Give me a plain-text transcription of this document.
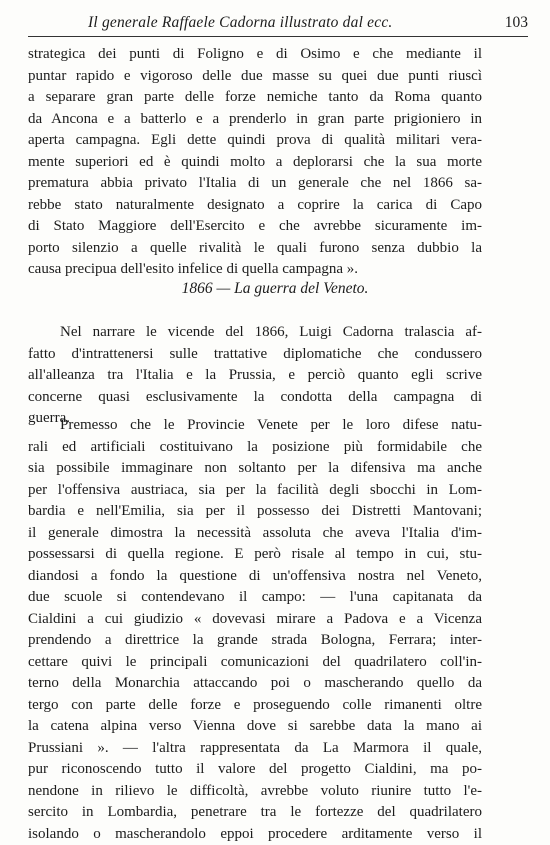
Il generale Raffaele Cadorna illustrato dal ecc.	103
strategica dei punti di Foligno e di Osimo e che mediante il
puntar rapido e vigoroso delle due masse su quei due punti riuscì
a separare gran parte delle forze nemiche tanto da Roma quanto
da Ancona e a batterlo e a prenderlo in gran parte prigioniero in
aperta campagna. Egli dette quindi prova di qualità militari vera-
mente superiori ed è quindi molto a deplorarsi che la sua morte
prematura abbia privato l'Italia di un generale che nel 1866 sa-
rebbe stato naturalmente designato a coprire la carica di Capo
di Stato Maggiore dell'Esercito e che avrebbe sicuramente im-
porto silenzio a quelle rivalità le quali furono senza dubbio la
causa precipua dell'esito infelice di quella campagna ».
1866 — La guerra del Veneto.
Nel narrare le vicende del 1866, Luigi Cadorna tralascia af-
fatto d'intrattenersi sulle trattative diplomatiche che condussero
all'alleanza tra l'Italia e la Prussia, e perciò quanto egli scrive
concerne quasi esclusivamente la condotta della campagna di
guerra.
Premesso che le Provincie Venete per le loro difese natu-
rali ed artificiali costituivano la posizione più formidabile che
sia possibile immaginare non soltanto per la difensiva ma anche
per l'offensiva austriaca, sia per la facilità degli sbocchi in Lom-
bardia e nell'Emilia, sia per il possesso dei Distretti Mantovani;
il generale dimostra la necessità assoluta che aveva l'Italia d'im-
possessarsi di quella regione. E però risale al tempo in cui, stu-
diandosi a fondo la questione di un'offensiva nostra nel Veneto,
due scuole si contendevano il campo: — l'una capitanata da
Cialdini a cui giudizio « dovevasi mirare a Padova e a Vicenza
prendendo a direttrice la grande strada Bologna, Ferrara; inter-
cettare quivi le principali comunicazioni del quadrilatero coll'in-
terno della Monarchia attaccando poi o mascherando quello da
tergo con parte delle forze e proseguendo colle rimanenti oltre
la catena alpina verso Vienna dove si sarebbe data la mano ai
Prussiani ». — l'altra rappresentata da La Marmora il quale,
pur riconoscendo tutto il valore del progetto Cialdini, ma po-
nendone in rilievo le difficoltà, avrebbe voluto riunire tutto l'e-
sercito in Lombardia, penetrare tra le fortezze del quadrilatero
isolando o mascherandolo eppoi procedere arditamente verso il
